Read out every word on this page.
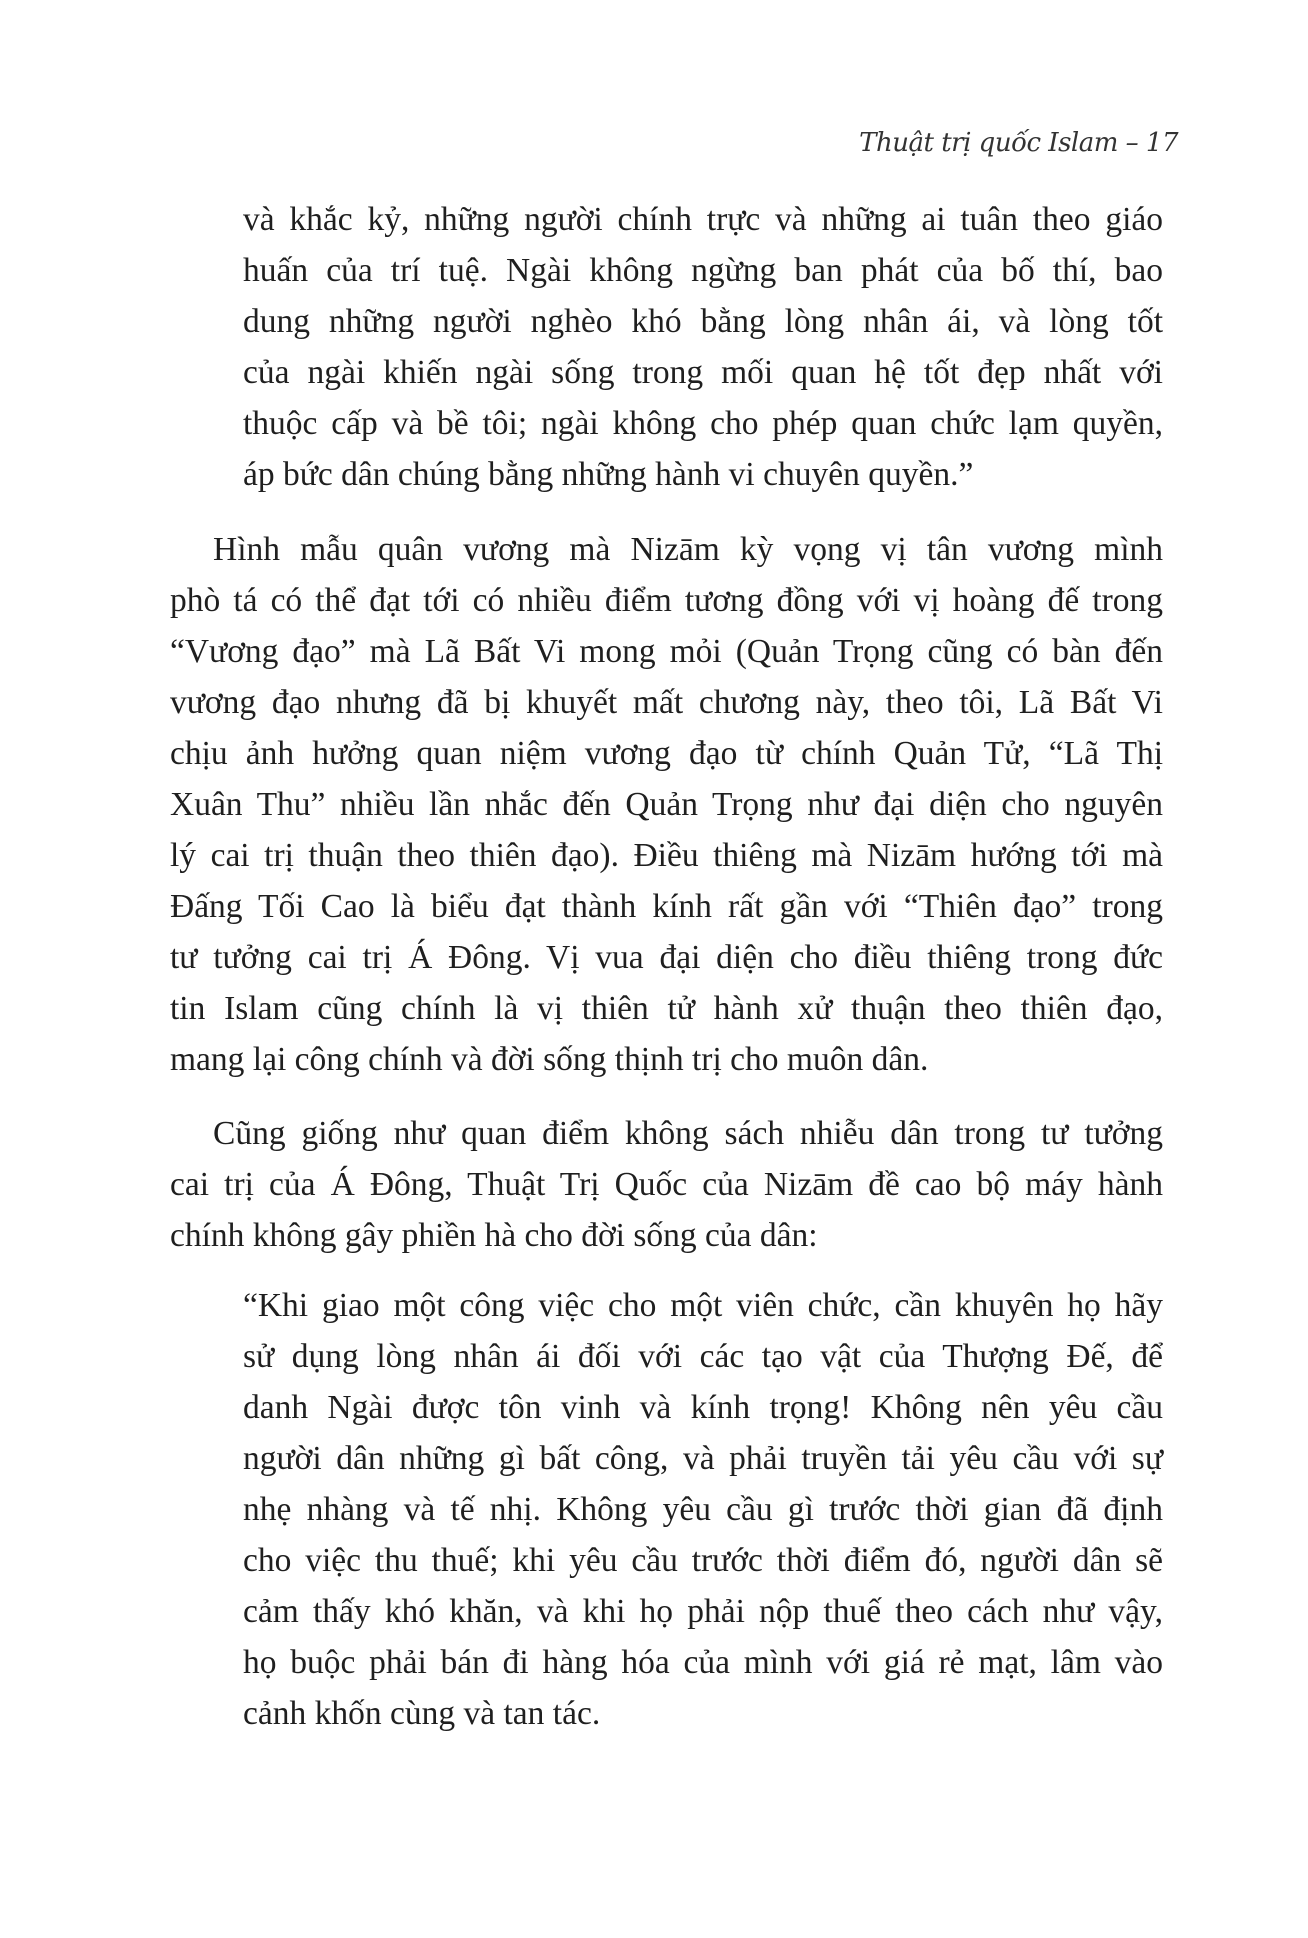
Thuật trị quốc Islam – 17
và khắc kỷ, những người chính trực và những ai tuân theo giáo
huấn của trí tuệ. Ngài không ngừng ban phát của bố thí, bao
dung những người nghèo khó bằng lòng nhân ái, và lòng tốt
của ngài khiến ngài sống trong mối quan hệ tốt đẹp nhất với
thuộc cấp và bề tôi; ngài không cho phép quan chức lạm quyền,
áp bức dân chúng bằng những hành vi chuyên quyền.”
Hình mẫu quân vương mà Nizām kỳ vọng vị tân vương mình
phò tá có thể đạt tới có nhiều điểm tương đồng với vị hoàng đế trong
“Vương đạo” mà Lã Bất Vi mong mỏi (Quản Trọng cũng có bàn đến
vương đạo nhưng đã bị khuyết mất chương này, theo tôi, Lã Bất Vi
chịu ảnh hưởng quan niệm vương đạo từ chính Quản Tử, “Lã Thị
Xuân Thu” nhiều lần nhắc đến Quản Trọng như đại diện cho nguyên
lý cai trị thuận theo thiên đạo). Điều thiêng mà Nizām hướng tới mà
Đấng Tối Cao là biểu đạt thành kính rất gần với “Thiên đạo” trong
tư tưởng cai trị Á Đông. Vị vua đại diện cho điều thiêng trong đức
tin Islam cũng chính là vị thiên tử hành xử thuận theo thiên đạo,
mang lại công chính và đời sống thịnh trị cho muôn dân.
Cũng giống như quan điểm không sách nhiễu dân trong tư tưởng
cai trị của Á Đông, Thuật Trị Quốc của Nizām đề cao bộ máy hành
chính không gây phiền hà cho đời sống của dân:
“Khi giao một công việc cho một viên chức, cần khuyên họ hãy
sử dụng lòng nhân ái đối với các tạo vật của Thượng Đế, để
danh Ngài được tôn vinh và kính trọng! Không nên yêu cầu
người dân những gì bất công, và phải truyền tải yêu cầu với sự
nhẹ nhàng và tế nhị. Không yêu cầu gì trước thời gian đã định
cho việc thu thuế; khi yêu cầu trước thời điểm đó, người dân sẽ
cảm thấy khó khăn, và khi họ phải nộp thuế theo cách như vậy,
họ buộc phải bán đi hàng hóa của mình với giá rẻ mạt, lâm vào
cảnh khốn cùng và tan tác.
